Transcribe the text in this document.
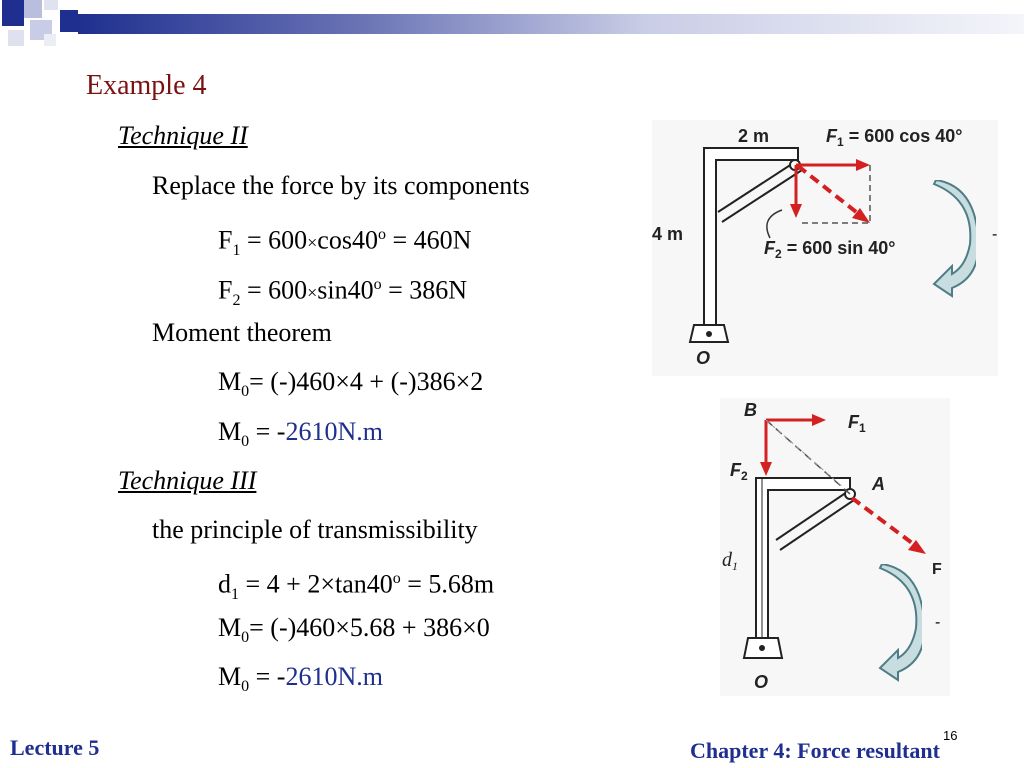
Example 4
Technique II
Replace the force by its components
$F_1 = 600\times\cos 40^o = 460N$
$F_2 = 600\times\sin 40^o = 386N$
Moment theorem
$M_0= (-)460\times 4 + (-)386\times 2$
$M_0 = -2610N.m$
Technique III
the principle of transmissibility
$d_1 = 4 + 2\times\tan 40^o = 5.68m$
$M_0= (-)460\times 5.68 + 386\times 0$
$M_0 = -2610N.m$
2 m	$F_1 = 600$ cos 40°
4 m
$F_2 = 600$ sin 40°
O
-
B
$F_1$
$F_2$	A
$d_1$	F
O
-
Lecture 5	16
Chapter 4: Force resultant
